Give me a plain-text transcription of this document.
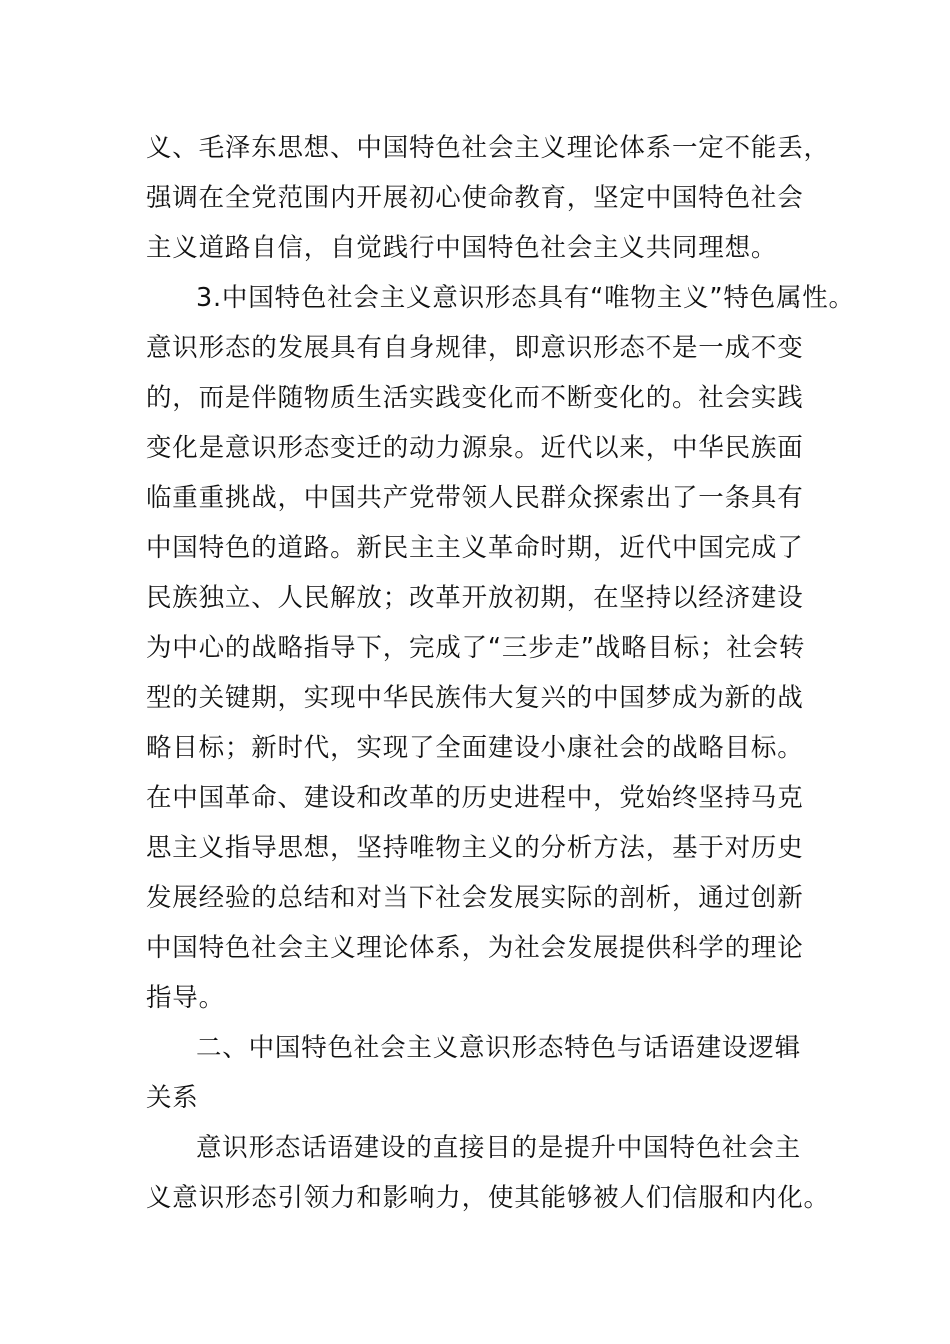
义、毛泽东思想、中国特色社会主义理论体系一定不能丢，
强调在全党范围内开展初心使命教育，坚定中国特色社会
主义道路自信，自觉践行中国特色社会主义共同理想。
3.中国特色社会主义意识形态具有“唯物主义”特色属性。
意识形态的发展具有自身规律，即意识形态不是一成不变
的，而是伴随物质生活实践变化而不断变化的。社会实践
变化是意识形态变迁的动力源泉。近代以来，中华民族面
临重重挑战，中国共产党带领人民群众探索出了一条具有
中国特色的道路。新民主主义革命时期，近代中国完成了
民族独立、人民解放；改革开放初期，在坚持以经济建设
为中心的战略指导下，完成了“三步走”战略目标；社会转
型的关键期，实现中华民族伟大复兴的中国梦成为新的战
略目标；新时代，实现了全面建设小康社会的战略目标。
在中国革命、建设和改革的历史进程中，党始终坚持马克
思主义指导思想，坚持唯物主义的分析方法，基于对历史
发展经验的总结和对当下社会发展实际的剖析，通过创新
中国特色社会主义理论体系，为社会发展提供科学的理论
指导。
二、中国特色社会主义意识形态特色与话语建设逻辑
关系
意识形态话语建设的直接目的是提升中国特色社会主
义意识形态引领力和影响力，使其能够被人们信服和内化。
